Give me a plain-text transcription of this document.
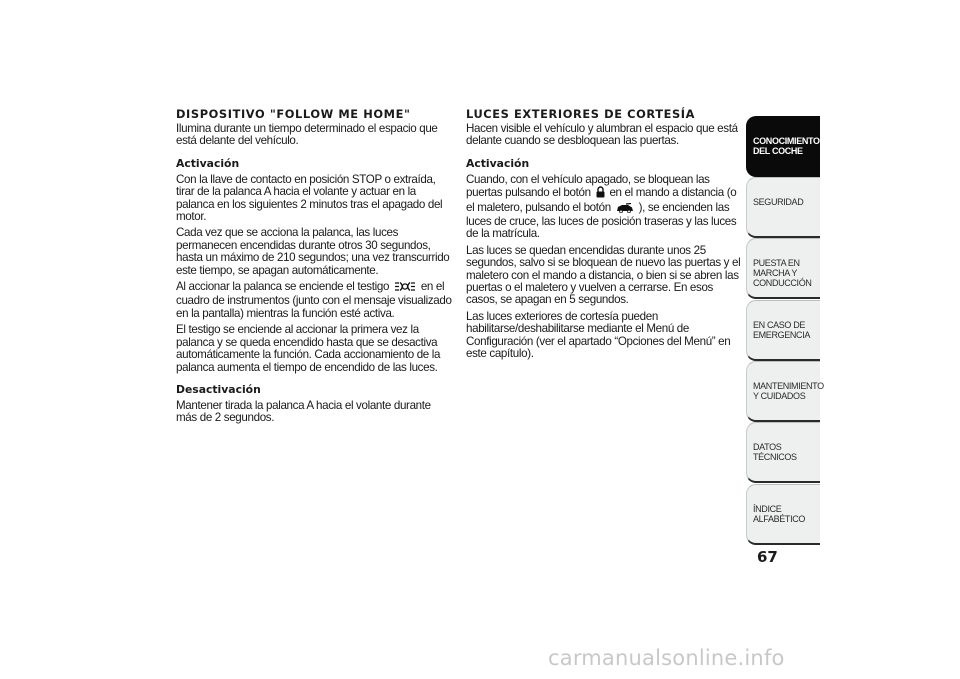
DISPOSITIVO "FOLLOW ME HOME"

Ilumina durante un tiempo determinado el espacio que está delante del vehículo.

Activación

Con la llave de contacto en posición STOP o extraída, tirar de la palanca A hacia el volante y actuar en la palanca en los siguientes 2 minutos tras el apagado del motor.

Cada vez que se acciona la palanca, las luces permanecen encendidas durante otros 30 segundos, hasta un máximo de 210 segundos; una vez transcurrido este tiempo, se apagan automáticamente.

Al accionar la palanca se enciende el testigo	en el cuadro de instrumentos (junto con el mensaje visualizado en la pantalla) mientras la función esté activa.

El testigo se enciende al accionar la primera vez la palanca y se queda encendido hasta que se desactiva automáticamente la función. Cada accionamiento de la palanca aumenta el tiempo de encendido de las luces.

Desactivación

Mantener tirada la palanca A hacia el volante durante más de 2 segundos.

LUCES EXTERIORES DE CORTESÍA

Hacen visible el vehículo y alumbran el espacio que está delante cuando se desbloquean las puertas.

Activación

Cuando, con el vehículo apagado, se bloquean las puertas pulsando el botón en el mando a distancia (o el maletero, pulsando el botón ), se encienden las luces de cruce, las luces de posición traseras y las luces de la matrícula.

Las luces se quedan encendidas durante unos 25 segundos, salvo si se bloquean de nuevo las puertas y el maletero con el mando a distancia, o bien si se abren las puertas o el maletero y vuelven a cerrarse. En esos casos, se apagan en 5 segundos.

Las luces exteriores de cortesía pueden habilitarse/deshabilitarse mediante el Menú de Configuración (ver el apartado “Opciones del Menú” en este capítulo).

CONOCIMIENTO DEL COCHE
SEGURIDAD
PUESTA EN MARCHA Y CONDUCCIÓN
EN CASO DE EMERGENCIA
MANTENIMIENTO Y CUIDADOS
DATOS TÉCNICOS
ÍNDICE ALFABÉTICO
67
carmanualsonline.info
